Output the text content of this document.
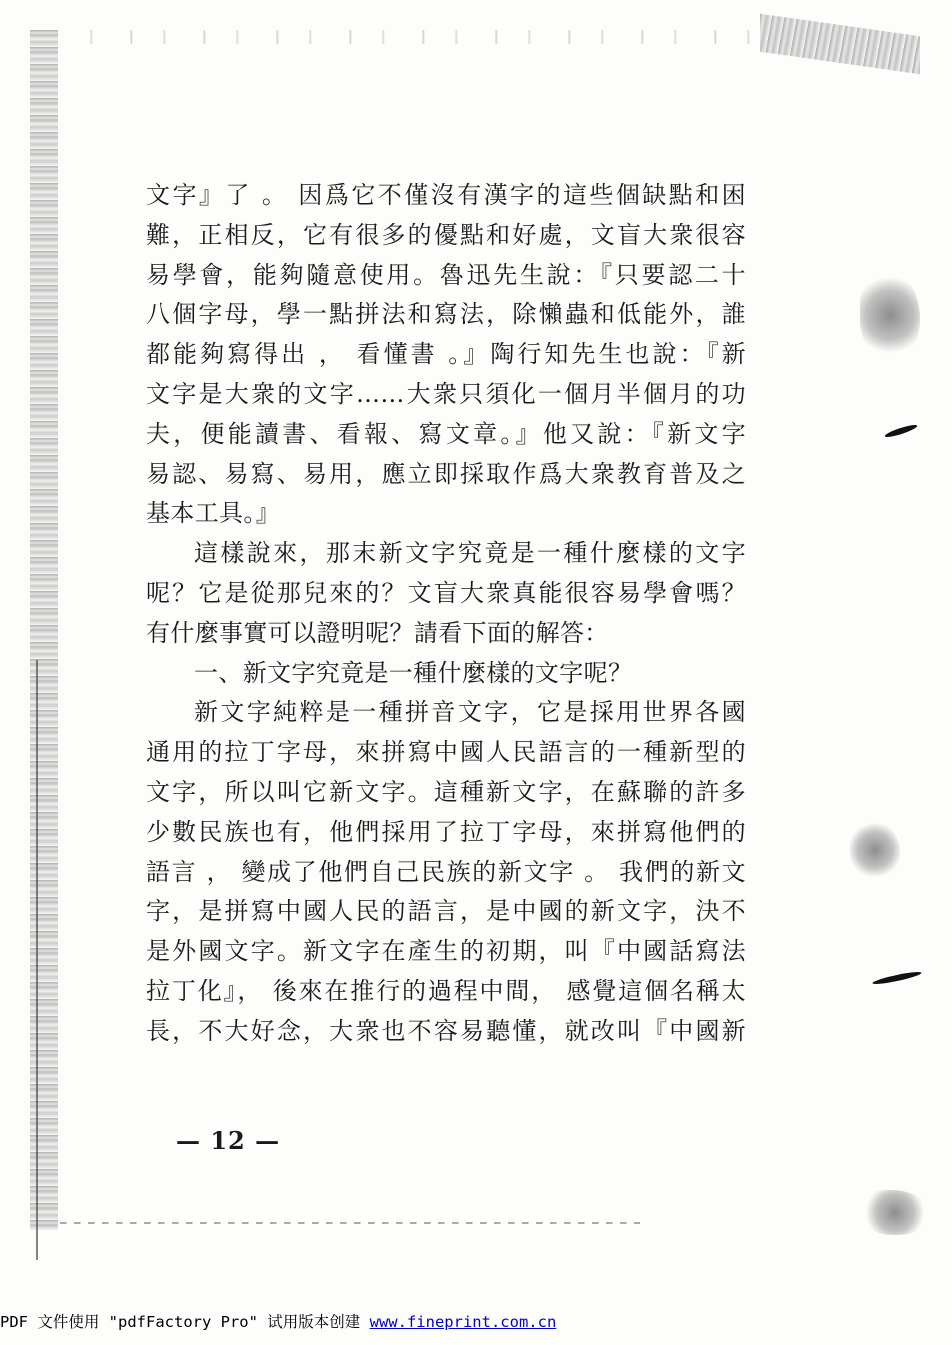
文字』了 。 因爲它不僅沒有漢字的這些個缺點和困
難，正相反，它有很多的優點和好處，文盲大衆很容
易學會，能夠隨意使用。魯迅先生說：『只要認二十
八個字母，學一點拼法和寫法，除懶蟲和低能外，誰
都能夠寫得出 ， 看懂書 。』陶行知先生也說：『新
文字是大衆的文字……大衆只須化一個月半個月的功
夫，便能讀書、看報、寫文章。』他又說：『新文字
易認、易寫、易用，應立即採取作爲大衆教育普及之
基本工具。』
這樣說來，那末新文字究竟是一種什麼樣的文字
呢？它是從那兒來的？文盲大衆真能很容易學會嗎？
有什麼事實可以證明呢？請看下面的解答：
一、新文字究竟是一種什麼樣的文字呢？
新文字純粹是一種拼音文字，它是採用世界各國
通用的拉丁字母，來拼寫中國人民語言的一種新型的
文字，所以叫它新文字。這種新文字，在蘇聯的許多
少數民族也有，他們採用了拉丁字母，來拼寫他們的
語言 ， 變成了他們自己民族的新文字 。 我們的新文
字，是拼寫中國人民的語言，是中國的新文字，決不
是外國文字。新文字在產生的初期，叫『中國話寫法
拉丁化』， 後來在推行的過程中間， 感覺這個名稱太
長，不大好念，大衆也不容易聽懂，就改叫『中國新
— 12 —
PDF 文件使用 "pdfFactory Pro" 试用版本创建 www.fineprint.com.cn
